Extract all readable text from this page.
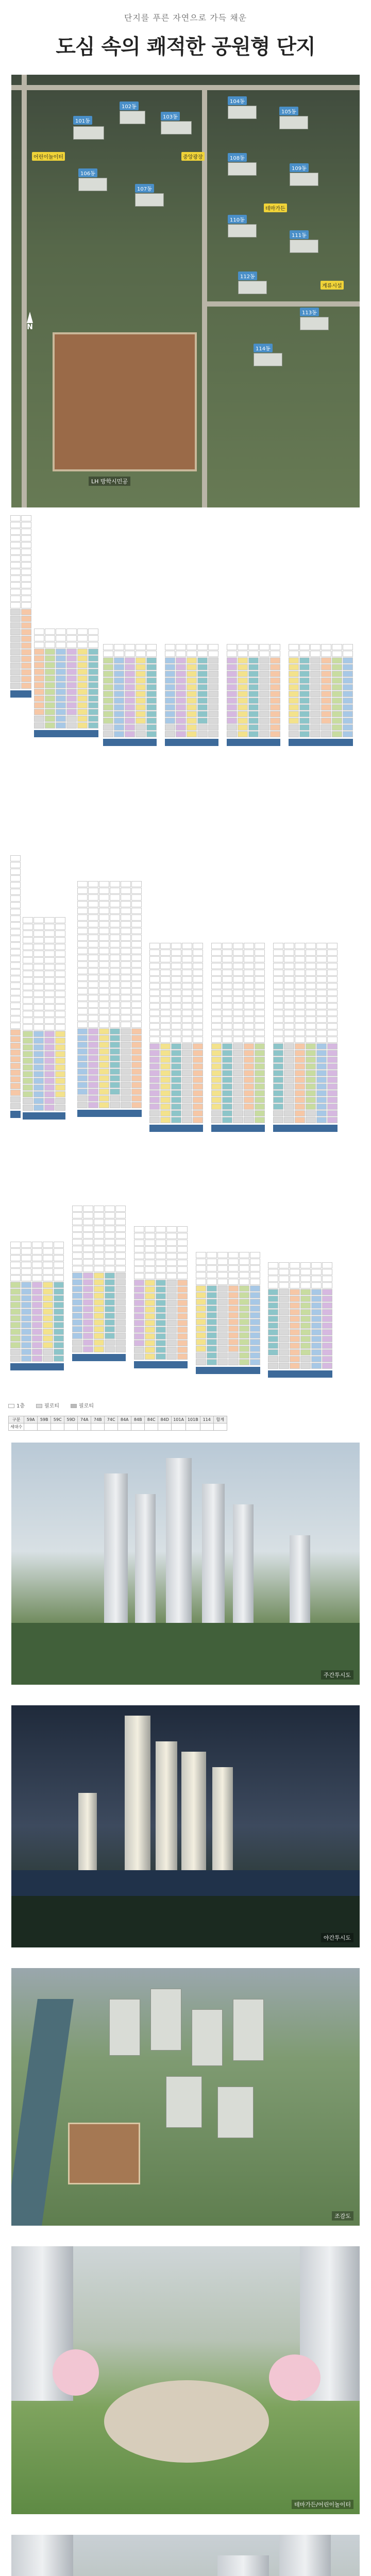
단지를 푸른 자연으로 가득 채운
도심 속의 쾌적한 공원형 단지
101동
102동
103동
104동
105동
106동
107동
108동
109동
110동
111동
112동
113동
114동
어린이놀이터	중앙광장
테마가든
계류시설
LH 방학시민공
N
1층	필로티	필로티
구분	59A	59B	59C	59D	74A	74B	74C	84A	84B	84C	84D	101A	101B	114	합계
세대수															
주간투시도
야간투시도
조감도
테마가든/어린이놀이터
